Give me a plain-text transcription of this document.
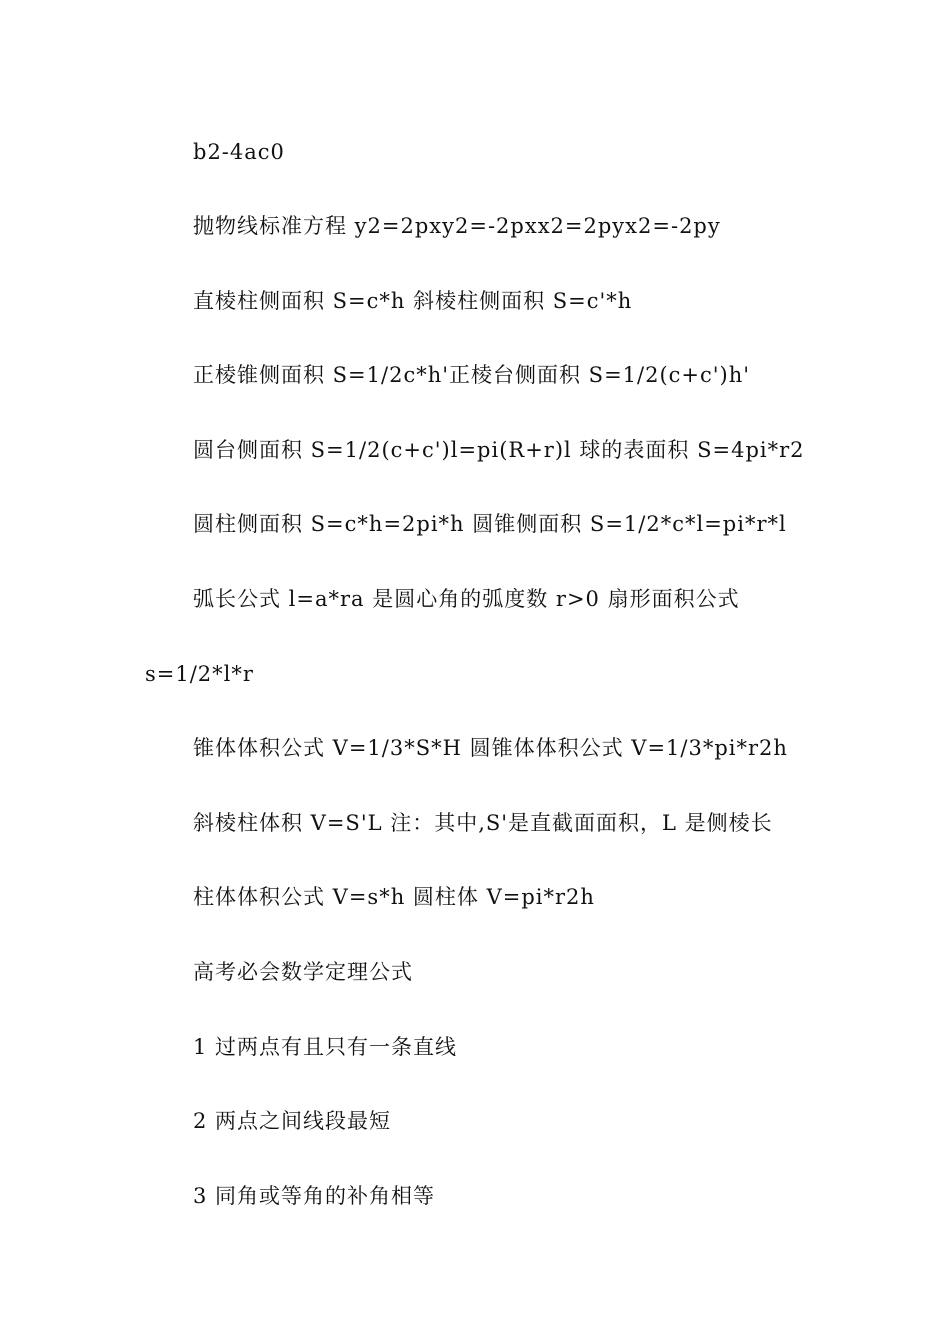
b2-4ac0
抛物线标准方程 y2=2pxy2=-2pxx2=2pyx2=-2py
直棱柱侧面积 S=c*h 斜棱柱侧面积 S=c'*h
正棱锥侧面积 S=1/2c*h'正棱台侧面积 S=1/2(c+c')h'
圆台侧面积 S=1/2(c+c')l=pi(R+r)l 球的表面积 S=4pi*r2
圆柱侧面积 S=c*h=2pi*h 圆锥侧面积 S=1/2*c*l=pi*r*l
弧长公式 l=a*ra 是圆心角的弧度数 r>0 扇形面积公式
s=1/2*l*r
锥体体积公式 V=1/3*S*H 圆锥体体积公式 V=1/3*pi*r2h
斜棱柱体积 V=S'L 注：其中,S'是直截面面积，L 是侧棱长
柱体体积公式 V=s*h 圆柱体 V=pi*r2h
高考必会数学定理公式
1 过两点有且只有一条直线
2 两点之间线段最短
3 同角或等角的补角相等
